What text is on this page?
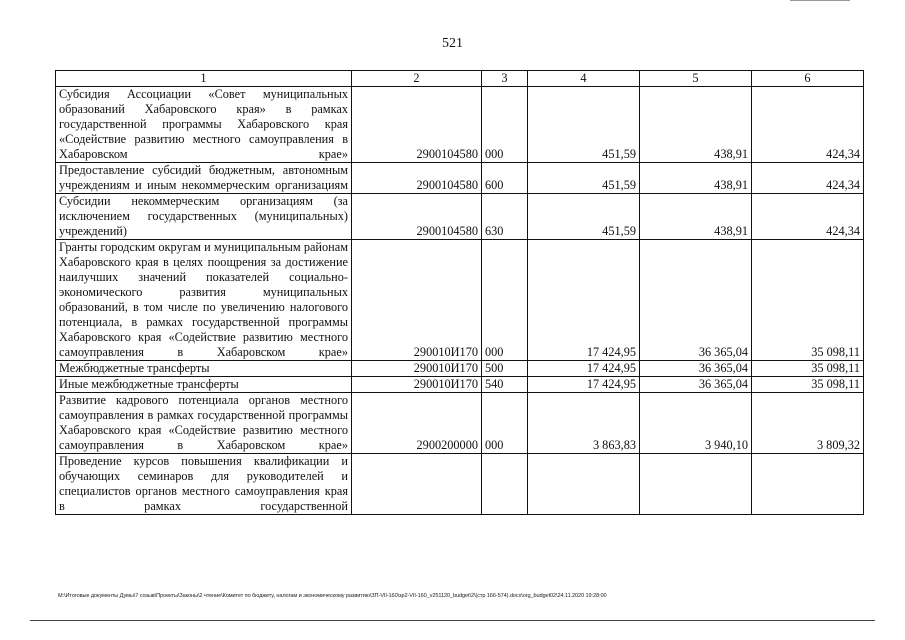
521
1	2	3	4	5	6
Субсидия Ассоциации «Совет муниципальных образований Хабаровского края» в рамках государственной программы Хабаровского края «Содействие развитию местного самоуправления в Хабаровском крае»	2900104580	000	451,59	438,91	424,34
Предоставление субсидий бюджетным, автономным учреждениям и иным некоммерческим организациям	2900104580	600	451,59	438,91	424,34
Субсидии некоммерческим организациям (за исключением государственных (муниципальных) учреждений)	2900104580	630	451,59	438,91	424,34
Гранты городским округам и муниципальным районам Хабаровского края в целях поощрения за достижение наилучших значений показателей социально-экономического развития муниципальных образований, в том числе по увеличению налогового потенциала, в рамках государственной программы Хабаровского края «Содействие развитию местного самоуправления в Хабаровском крае»	290010И170	000	17 424,95	36 365,04	35 098,11
Межбюджетные трансферты	290010И170	500	17 424,95	36 365,04	35 098,11
Иные межбюджетные трансферты	290010И170	540	17 424,95	36 365,04	35 098,11
Развитие кадрового потенциала органов местного самоуправления в рамках государственной программы Хабаровского края «Содействие развитию местного самоуправления в Хабаровском крае»	2900200000	000	3 863,83	3 940,10	3 809,32
Проведение курсов повышения квалификации и обучающих семинаров для руководителей и специалистов органов местного самоуправления края в рамках государственной					
M:\Итоговые документы Думы\7 созыв\Проекты\Законы\2 чтение\Комитет по бюджету, налогам и экономическому развитию\ЗП-VII-160\зр2-VII-160_v251120_budget\2\(стр 166-574).docx\org_budget02\24.11.2020 19:28:00
